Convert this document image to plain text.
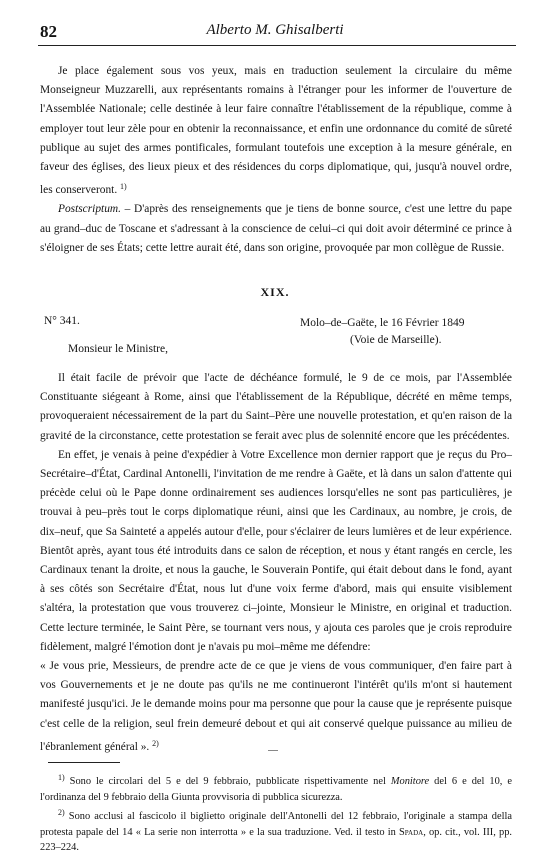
82	Alberto M. Ghisalberti

Je place également sous vos yeux, mais en traduction seulement la circulaire du même Monseigneur Muzzarelli, aux représentants romains à l'étranger pour les informer de l'ouverture de l'Assemblée Nationale; celle destinée à leur faire connaître l'établissement de la république, comme à employer tout leur zèle pour en obtenir la reconnaissance, et enfin une ordonnance du comité de sûreté publique au sujet des armes pontificales, formulant toutefois une exception à la mesure générale, en faveur des églises, des lieux pieux et des résidences du corps diplomatique, qui, jusqu'à nouvel ordre, les conserveront. $^{1)}$

Postscriptum. – D'après des renseignements que je tiens de bonne source, c'est une lettre du pape au grand–duc de Toscane et s'adressant à la conscience de celui–ci qui doit avoir déterminé ce prince à s'éloigner de ses États; cette lettre aurait été, dans son origine, provoquée par mon collègue de Russie.

XIX.
N° 341.	Molo–de–Gaëte, le 16 Février 1849
(Voie de Marseille).
Monsieur le Ministre,

Il était facile de prévoir que l'acte de déchéance formulé, le 9 de ce mois, par l'Assemblée Constituante siégeant à Rome, ainsi que l'établissement de la République, décrété en même temps, provoqueraient nécessairement de la part du Saint–Père une nouvelle protestation, et qu'en raison de la gravité de la circonstance, cette protestation se ferait avec plus de solennité encore que les précédentes.

En effet, je venais à peine d'expédier à Votre Excellence mon dernier rapport que je reçus du Pro–Secrétaire–d'État, Cardinal Antonelli, l'invitation de me rendre à Gaëte, et là dans un salon d'attente qui précède celui où le Pape donne ordinairement ses audiences lorsqu'elles ne sont pas particulières, je trouvai à peu–près tout le corps diplomatique réuni, ainsi que les Cardinaux, au nombre, je crois, de dix–neuf, que Sa Sainteté a appelés autour d'elle, pour s'éclairer de leurs lumières et de leur expérience. Bientôt après, ayant tous été introduits dans ce salon de réception, et nous y étant rangés en cercle, les Cardinaux tenant la droite, et nous la gauche, le Souverain Pontife, qui était debout dans le fond, ayant à ses côtés son Secrétaire d'État, nous lut d'une voix ferme d'abord, mais qui ensuite visiblement s'altéra, la protestation que vous trouverez ci–jointe, Monsieur le Ministre, en original et traduction. Cette lecture terminée, le Saint Père, se tournant vers nous, y ajouta ces paroles que je crois reproduire fidèlement, malgré l'émotion dont je n'avais pu moi–même me défendre:

« Je vous prie, Messieurs, de prendre acte de ce que je viens de vous communiquer, d'en faire part à vos Gouvernements et je ne doute pas qu'ils ne me continueront l'intérêt qu'ils m'ont si hautement manifesté jusqu'ici. Je le demande moins pour ma personne que pour la cause que je représente puisque c'est celle de la religion, seul frein demeuré debout et qui ait conservé quelque puissance au milieu de l'ébranlement général ». $^{2)}$

$^{1)}$ Sono le circolari del 5 e del 9 febbraio, pubblicate rispettivamente nel Monitore del 6 e del 10, e l'ordinanza del 9 febbraio della Giunta provvisoria di pubblica sicurezza.

$^{2)}$ Sono acclusi al fascicolo il biglietto originale dell'Antonelli del 12 febbraio, l'originale a stampa della protesta papale del 14 « La serie non interrotta » e la sua traduzione. Ved. il testo in Spada, op. cit., vol. III, pp. 223–224.
